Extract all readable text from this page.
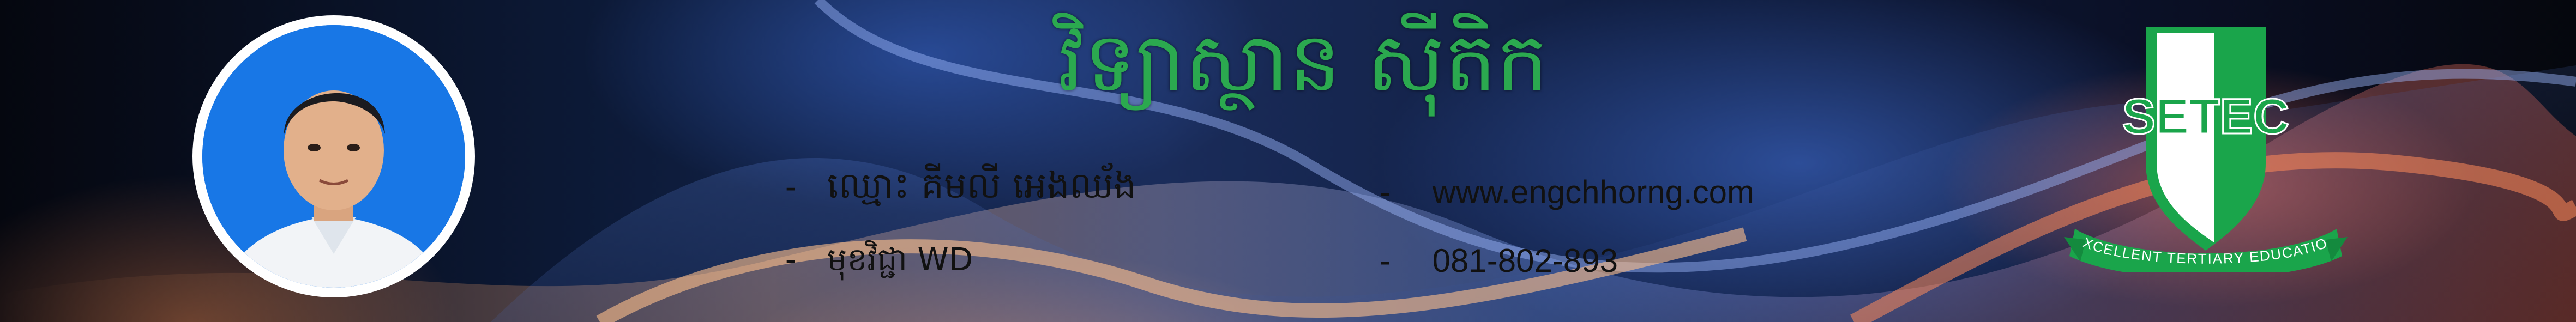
វិទ្យាស្ថាន ស៊ីតិក
- ឈ្មោះ គីមលី អេងឈ័ង
- មុខវិជ្ជា WD
- www.engchhorng.com
- 081-802-893
SETEC
XCELLENT TERTIARY EDUCATIO
